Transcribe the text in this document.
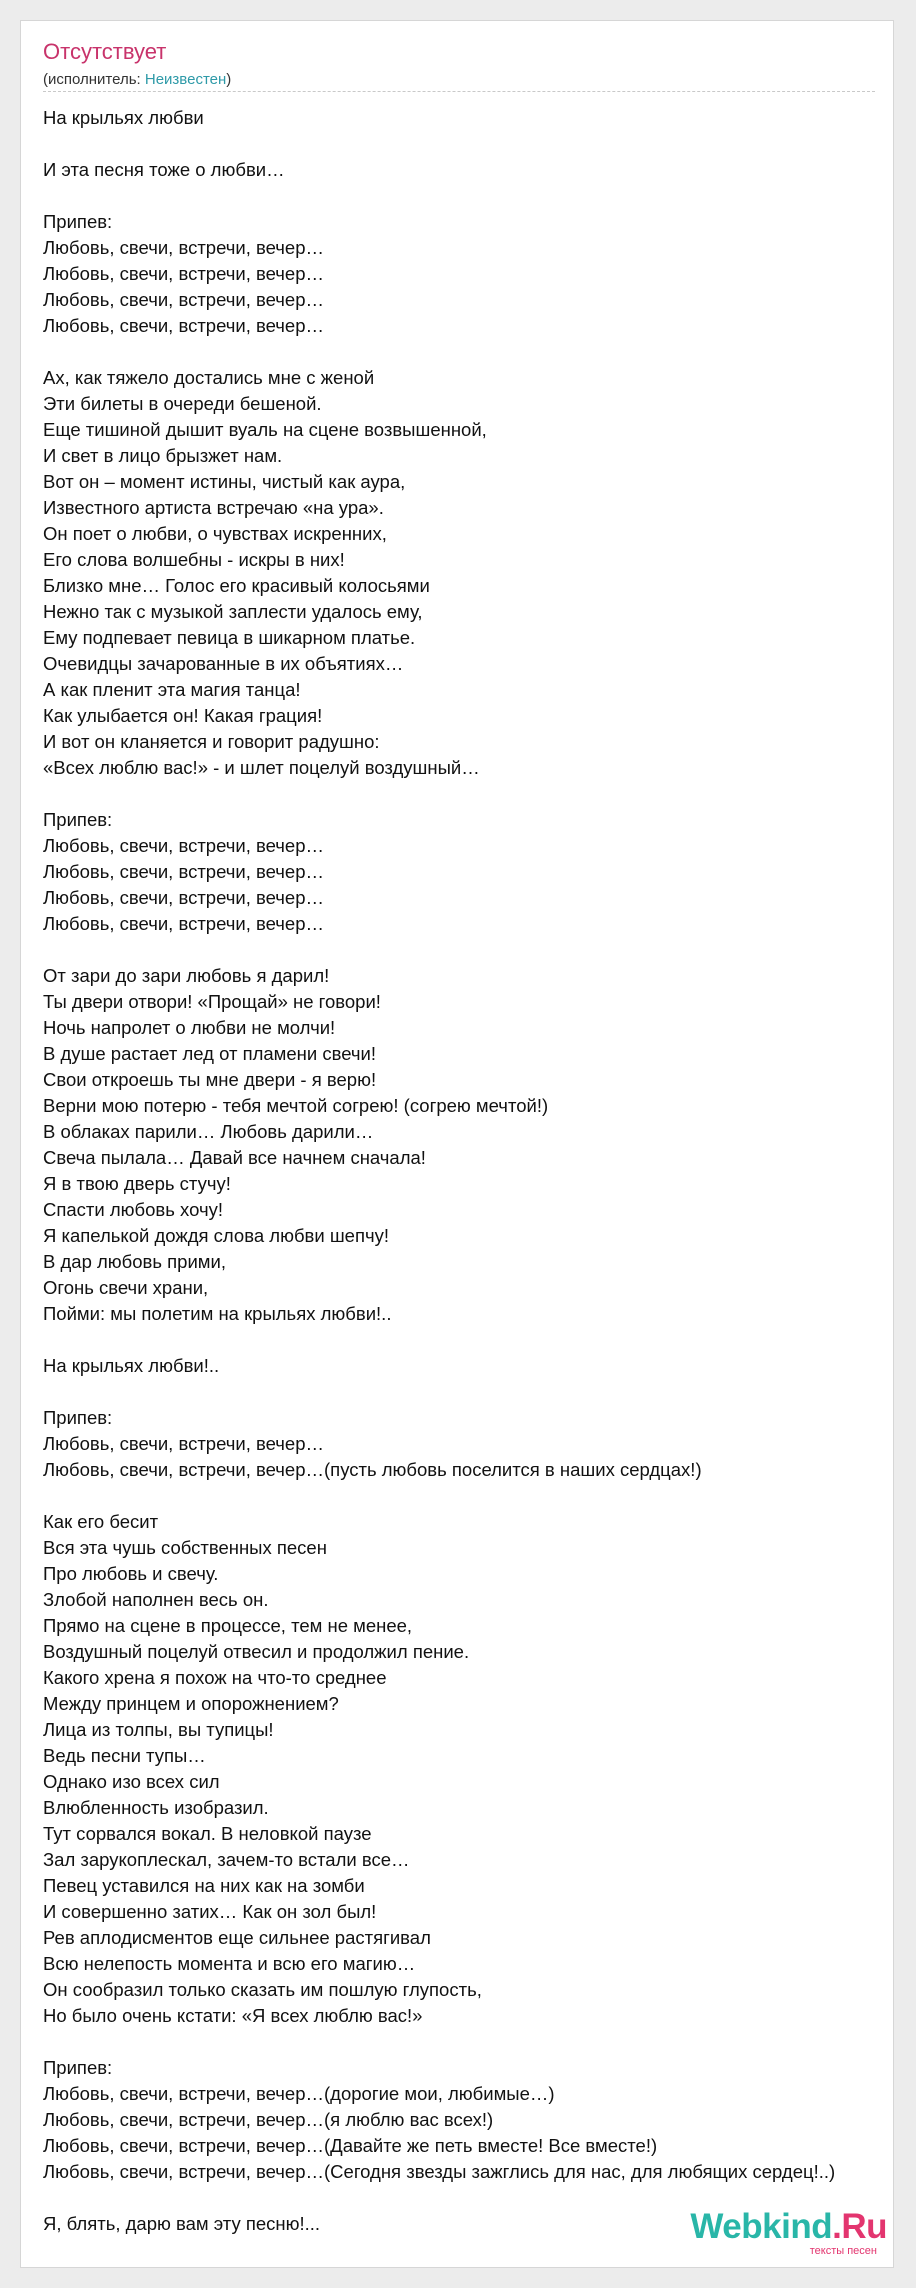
Отсутствует
(исполнитель: Неизвестен)
На крыльях любви
И эта песня тоже о любви…
Припев:
Любовь, свечи, встречи, вечер…
Любовь, свечи, встречи, вечер…
Любовь, свечи, встречи, вечер…
Любовь, свечи, встречи, вечер…
Ах, как тяжело достались мне с женой
Эти билеты в очереди бешеной.
Еще тишиной дышит вуаль на сцене возвышенной,
И свет в лицо брызжет нам.
Вот он – момент истины, чистый как аура,
Известного артиста встречаю «на ура».
Он поет о любви, о чувствах искренних,
Его слова волшебны - искры в них!
Близко мне… Голос его красивый колосьями
Нежно так с музыкой заплести удалось ему,
Ему подпевает певица в шикарном платье.
Очевидцы зачарованные в их объятиях…
А как пленит эта магия танца!
Как улыбается он! Какая грация!
И вот он кланяется и говорит радушно:
«Всех люблю вас!» - и шлет поцелуй воздушный…
Припев:
Любовь, свечи, встречи, вечер…
Любовь, свечи, встречи, вечер…
Любовь, свечи, встречи, вечер…
Любовь, свечи, встречи, вечер…
От зари до зари любовь я дарил!
Ты двери отвори! «Прощай» не говори!
Ночь напролет о любви не молчи!
В душе растает лед от пламени свечи!
Свои откроешь ты мне двери - я верю!
Верни мою потерю - тебя мечтой согрею! (согрею мечтой!)
В облаках парили… Любовь дарили…
Свеча пылала… Давай все начнем сначала!
Я в твою дверь стучу!
Спасти любовь хочу!
Я капелькой дождя слова любви шепчу!
В дар любовь прими,
Огонь свечи храни,
Пойми: мы полетим на крыльях любви!..
На крыльях любви!..
Припев:
Любовь, свечи, встречи, вечер…
Любовь, свечи, встречи, вечер…(пусть любовь поселится в наших сердцах!)
Как его бесит
Вся эта чушь собственных песен
Про любовь и свечу.
Злобой наполнен весь он.
Прямо на сцене в процессе, тем не менее,
Воздушный поцелуй отвесил и продолжил пение.
Какого хрена я похож на что-то среднее
Между принцем и опорожнением?
Лица из толпы, вы тупицы!
Ведь песни тупы…
Однако изо всех сил
Влюбленность изобразил.
Тут сорвался вокал. В неловкой паузе
Зал зарукоплескал, зачем-то встали все…
Певец уставился на них как на зомби
И совершенно затих… Как он зол был!
Рев аплодисментов еще сильнее растягивал
Всю нелепость момента и всю его магию…
Он сообразил только сказать им пошлую глупость,
Но было очень кстати: «Я всех люблю вас!»
Припев:
Любовь, свечи, встречи, вечер…(дорогие мои, любимые…)
Любовь, свечи, встречи, вечер…(я люблю вас всех!)
Любовь, свечи, встречи, вечер…(Давайте же петь вместе! Все вместе!)
Любовь, свечи, встречи, вечер…(Сегодня звезды зажглись для нас, для любящих сердец!..)
Я, блять, дарю вам эту песню!...	Webkind.Ru
тексты песен
